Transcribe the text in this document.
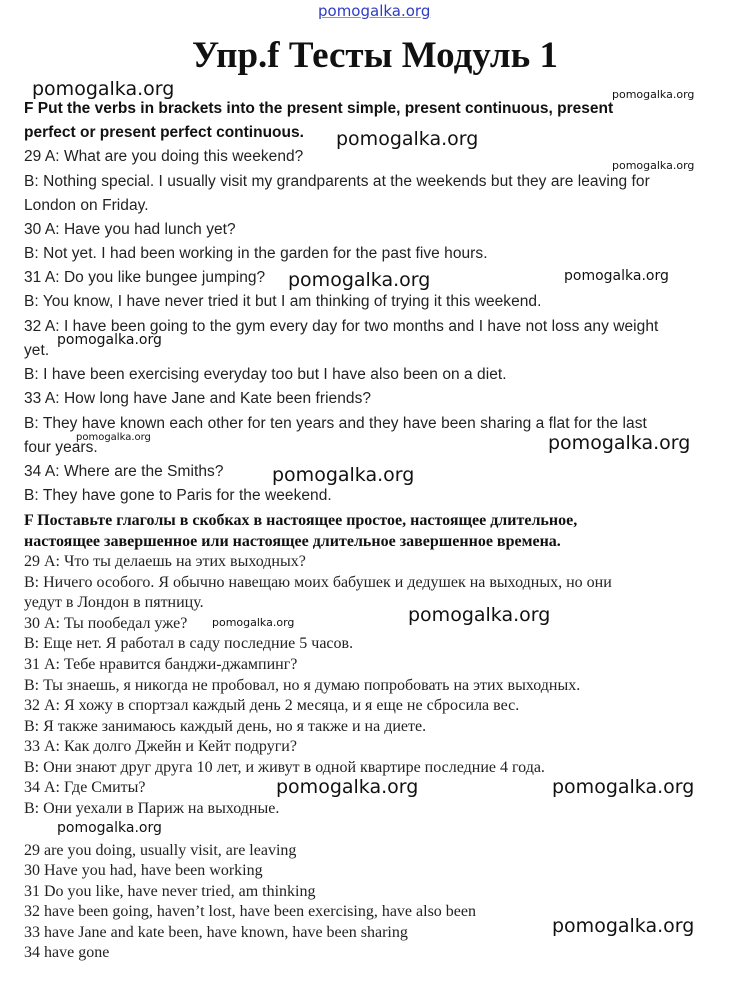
pomogalka.org
Упр.f Тесты Модуль 1
F Put the verbs in brackets into the present simple, present continuous, present
perfect or present perfect continuous.
29 A: What are you doing this weekend?
B: Nothing special. I usually visit my grandparents at the weekends but they are leaving for
London on Friday.
30 A: Have you had lunch yet?
B: Not yet. I had been working in the garden for the past five hours.
31 A: Do you like bungee jumping?
B: You know, I have never tried it but I am thinking of trying it this weekend.
32 A: I have been going to the gym every day for two months and I have not loss any weight
yet.
B: I have been exercising everyday too but I have also been on a diet.
33 A: How long have Jane and Kate been friends?
B: They have known each other for ten years and they have been sharing a flat for the last
four years.
34 A: Where are the Smiths?
B: They have gone to Paris for the weekend.
F Поставьте глаголы в скобках в настоящее простое, настоящее длительное,
настоящее завершенное или настоящее длительное завершенное времена.
29 А: Что ты делаешь на этих выходных?
В: Ничего особого. Я обычно навещаю моих бабушек и дедушек на выходных, но они
уедут в Лондон в пятницу.
30 А: Ты пообедал уже?
В: Еще нет. Я работал в саду последние 5 часов.
31 А: Тебе нравится банджи-джампинг?
В: Ты знаешь, я никогда не пробовал, но я думаю попробовать на этих выходных.
32 А: Я хожу в спортзал каждый день 2 месяца, и я еще не сбросила вес.
В: Я также занимаюсь каждый день, но я также и на диете.
33 А: Как долго Джейн и Кейт подруги?
В: Они знают друг друга 10 лет, и живут в одной квартире последние 4 года.
34 А: Где Смиты?
В: Они уехали в Париж на выходные.
29 are you doing, usually visit, are leaving
30 Have you had, have been working
31 Do you like, have never tried, am thinking
32 have been going, haven’t lost, have been exercising, have also been
33 have Jane and kate been, have known, have been sharing
34 have gone
pomogalka.org	pomogalka.org
pomogalka.org
pomogalka.org
pomogalka.org	pomogalka.org
pomogalka.org
pomogalka.org	pomogalka.org
pomogalka.org
pomogalka.org
pomogalka.org
pomogalka.org	pomogalka.org
pomogalka.org
pomogalka.org
